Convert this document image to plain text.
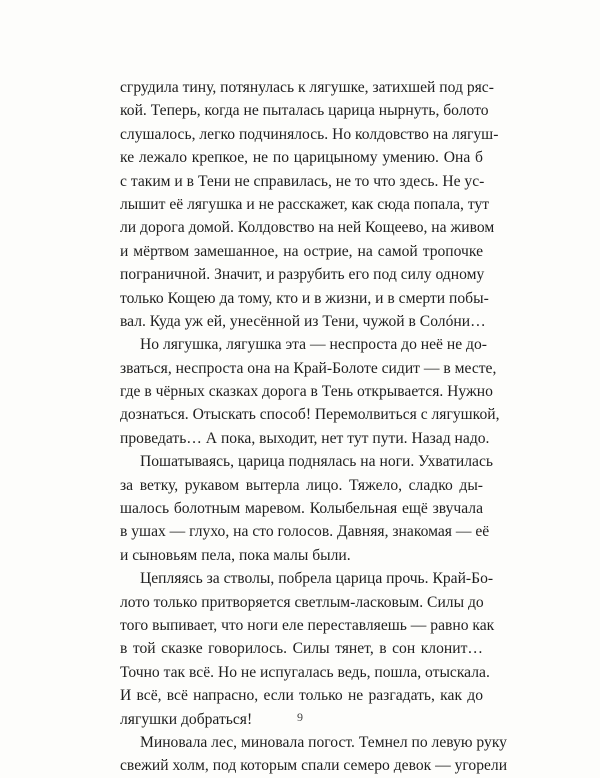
сгрудила тину, потянулась к лягушке, затихшей под ряс-
кой. Теперь, когда не пыталась царица нырнуть, болото
слушалось, легко подчинялось. Но колдовство на лягуш-
ке лежало крепкое, не по царицыному умению. Она б
с таким и в Тени не справилась, не то что здесь. Не ус-
лышит её лягушка и не расскажет, как сюда попала, тут
ли дорога домой. Колдовство на ней Кощеево, на живом
и мёртвом замешанное, на острие, на самой тропочке
пограничной. Значит, и разрубить его под силу одному
только Кощею да тому, кто и в жизни, и в смерти побы-
вал. Куда уж ей, унесённой из Тени, чужой в Солóни…
Но лягушка, лягушка эта — неспроста до неё не до-
зваться, неспроста она на Край-Болоте сидит — в месте,
где в чёрных сказках дорога в Тень открывается. Нужно
дознаться. Отыскать способ! Перемолвиться с лягушкой,
проведать… А пока, выходит, нет тут пути. Назад надо.
Пошатываясь, царица поднялась на ноги. Ухватилась
за ветку, рукавом вытерла лицо. Тяжело, сладко ды-
шалось болотным маревом. Колыбельная ещё звучала
в ушах — глухо, на сто голосов. Давняя, знакомая — её
и сыновьям пела, пока малы были.
Цепляясь за стволы, побрела царица прочь. Край-Бо-
лото только притворяется светлым-ласковым. Силы до
того выпивает, что ноги еле переставляешь — равно как
в той сказке говорилось. Силы тянет, в сон клонит…
Точно так всё. Но не испугалась ведь, пошла, отыскала.
И всё, всё напрасно, если только не разгадать, как до
лягушки добраться!
Миновала лес, миновала погост. Темнел по левую руку
свежий холм, под которым спали семеро девок — угорели
9
